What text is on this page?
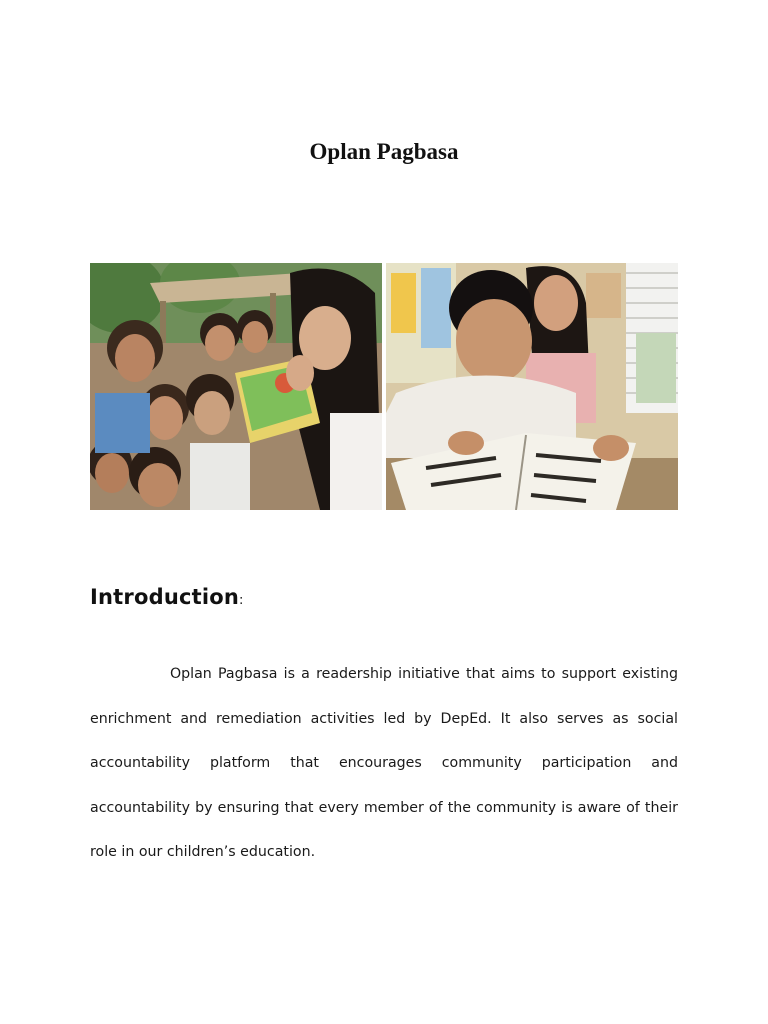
Oplan Pagbasa
Introduction:

Oplan Pagbasa is a readership initiative that aims to support existing enrichment and remediation activities led by DepEd. It also serves as social accountability platform that encourages community participation and accountability by ensuring that every member of the community is aware of their role in our children’s education.
